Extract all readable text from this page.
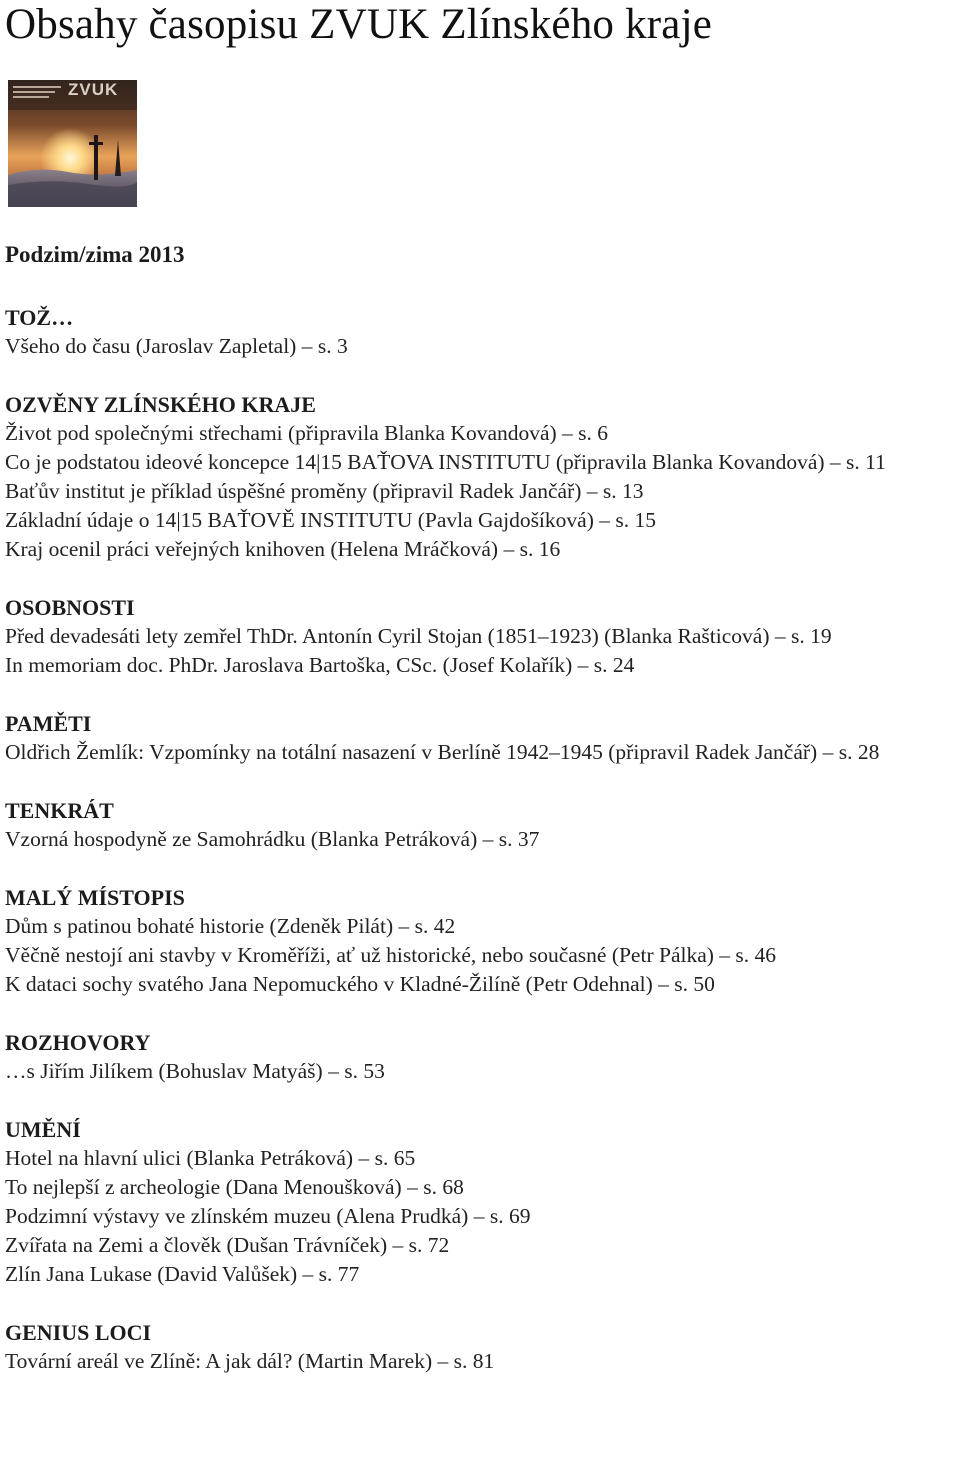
Obsahy časopisu ZVUK Zlínského kraje
ZVUK

Podzim/zima 2013

TOŽ…

Všeho do času (Jaroslav Zapletal) – s. 3

OZVĚNY ZLÍNSKÉHO KRAJE

Život pod společnými střechami (připravila Blanka Kovandová) – s. 6

Co je podstatou ideové koncepce 14|15 BAŤOVA INSTITUTU (připravila Blanka Kovandová) – s. 11

Baťův institut je příklad úspěšné proměny (připravil Radek Jančář) – s. 13

Základní údaje o 14|15 BAŤOVĚ INSTITUTU (Pavla Gajdošíková) – s. 15

Kraj ocenil práci veřejných knihoven (Helena Mráčková) – s. 16

OSOBNOSTI

Před devadesáti lety zemřel ThDr. Antonín Cyril Stojan (1851–1923) (Blanka Rašticová) – s. 19

In memoriam doc. PhDr. Jaroslava Bartoška, CSc. (Josef Kolařík) – s. 24

PAMĚTI

Oldřich Žemlík: Vzpomínky na totální nasazení v Berlíně 1942–1945 (připravil Radek Jančář) – s. 28

TENKRÁT

Vzorná hospodyně ze Samohrádku (Blanka Petráková) – s. 37

MALÝ MÍSTOPIS

Dům s patinou bohaté historie (Zdeněk Pilát) – s. 42

Věčně nestojí ani stavby v Kroměříži, ať už historické, nebo současné (Petr Pálka) – s. 46

K dataci sochy svatého Jana Nepomuckého v Kladné-Žilíně (Petr Odehnal) – s. 50

ROZHOVORY

…s Jiřím Jilíkem (Bohuslav Matyáš) – s. 53

UMĚNÍ

Hotel na hlavní ulici (Blanka Petráková) – s. 65

To nejlepší z archeologie (Dana Menoušková) – s. 68

Podzimní výstavy ve zlínském muzeu (Alena Prudká) – s. 69

Zvířata na Zemi a člověk (Dušan Trávníček) – s. 72

Zlín Jana Lukase (David Valůšek) – s. 77

GENIUS LOCI

Tovární areál ve Zlíně: A jak dál? (Martin Marek) – s. 81
